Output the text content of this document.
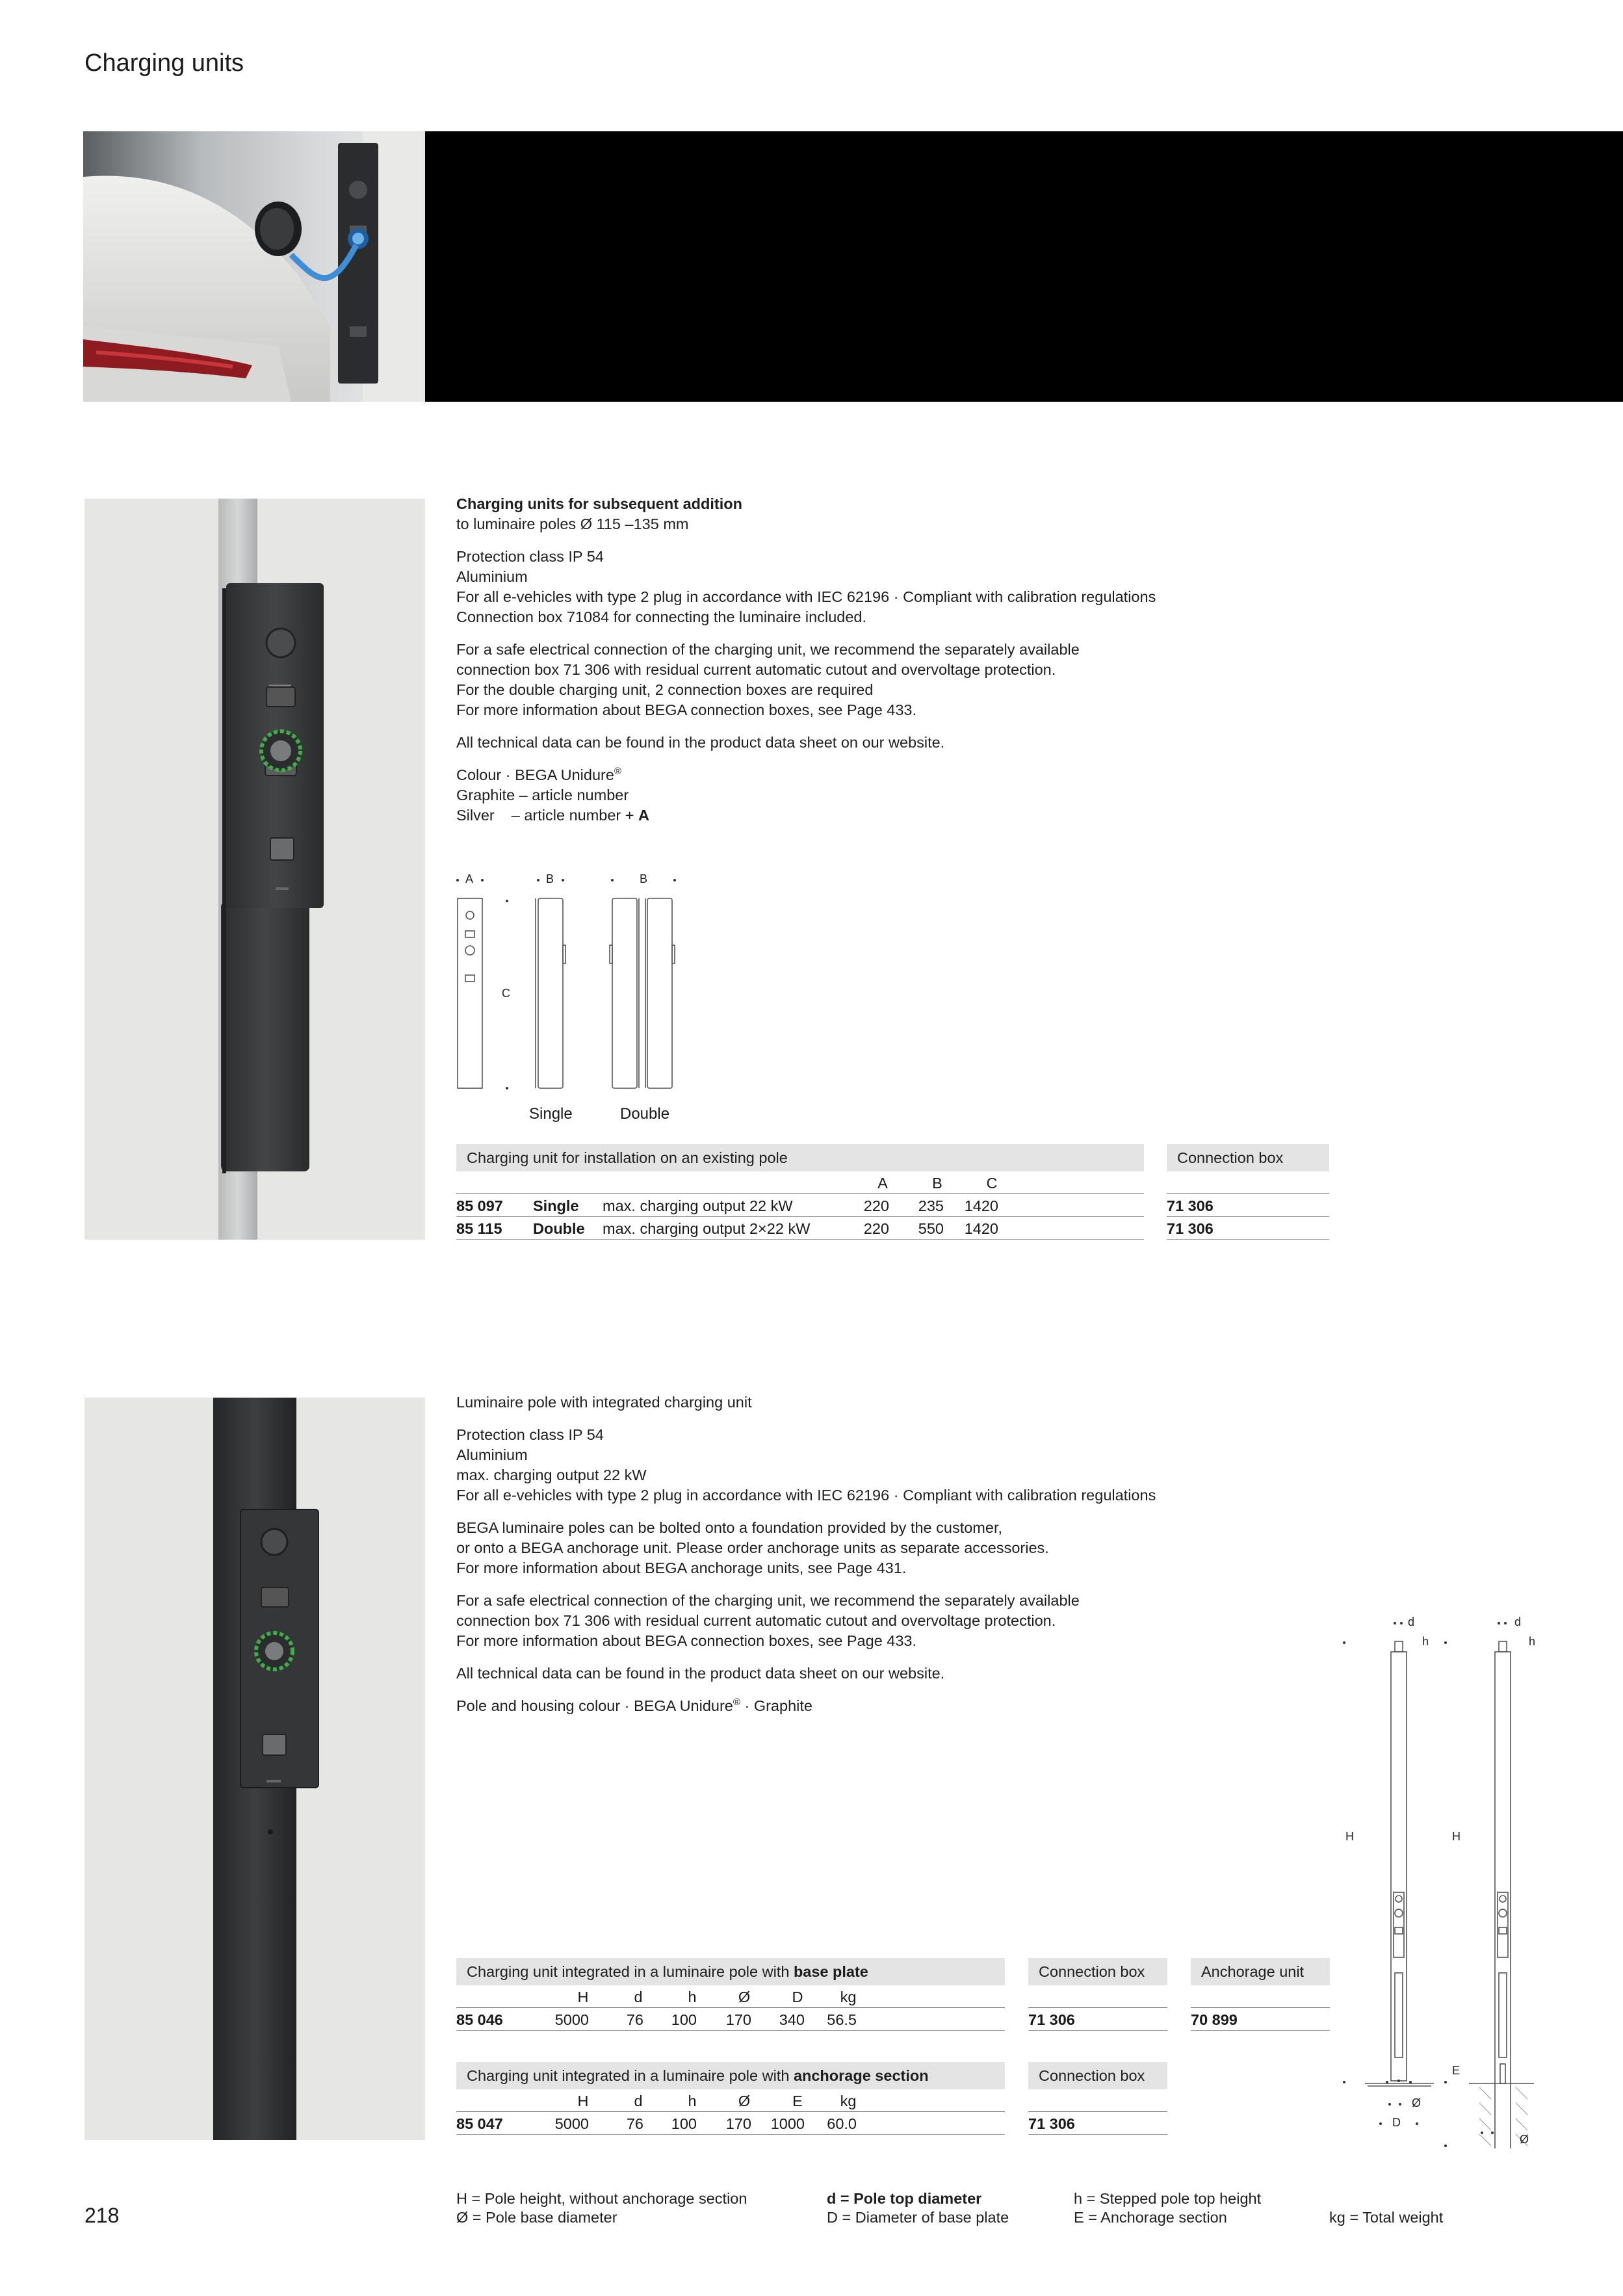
Charging units

Charging units for subsequent addition
to luminaire poles Ø 115 –135 mm

Protection class IP 54
Aluminium
For all e-vehicles with type 2 plug in accordance with IEC 62196 · Compliant with calibration regulations
Connection box 71084 for connecting the luminaire included.

For a safe electrical connection of the charging unit, we recommend the separately available
connection box 71 306 with residual current automatic cutout and overvoltage protection.
For the double charging unit, 2 connection boxes are required
For more information about BEGA connection boxes, see Page 433.

All technical data can be found in the product data sheet on our website.

Colour · BEGA Unidure®
Graphite – article number
Silver – article number + A

A	B	B
C
Single	Double
Charging unit for installation on an existing pole
A	B	C
85 097 Single max. charging output 22 kW	220	235	1420
85 115 Double max. charging output 2×22 kW	220	550	1420
Connection box
71 306
71 306

Luminaire pole with integrated charging unit

Protection class IP 54
Aluminium
max. charging output 22 kW
For all e-vehicles with type 2 plug in accordance with IEC 62196 · Compliant with calibration regulations

BEGA luminaire poles can be bolted onto a foundation provided by the customer,
or onto a BEGA anchorage unit. Please order anchorage units as separate accessories.
For more information about BEGA anchorage units, see Page 431.

For a safe electrical connection of the charging unit, we recommend the separately available
connection box 71 306 with residual current automatic cutout and overvoltage protection.
For more information about BEGA connection boxes, see Page 433.

All technical data can be found in the product data sheet on our website.

Pole and housing colour · BEGA Unidure® · Graphite

d
h
H
Ø
D
d
h
H
E
Ø
Charging unit integrated in a luminaire pole with base plate
H	d	h	Ø	D	kg
85 046	5000	76	100	170	340	56.5
Connection box
71 306
Anchorage unit
70 899
Charging unit integrated in a luminaire pole with anchorage section
H	d	h	Ø	E	kg
85 047	5000	76	100	170	1000	60.0
Connection box
71 306
H = Pole height, without anchorage section
Ø = Pole base diameter
d = Pole top diameter
D = Diameter of base plate
h = Stepped pole top height
E = Anchorage section	kg = Total weight
218
